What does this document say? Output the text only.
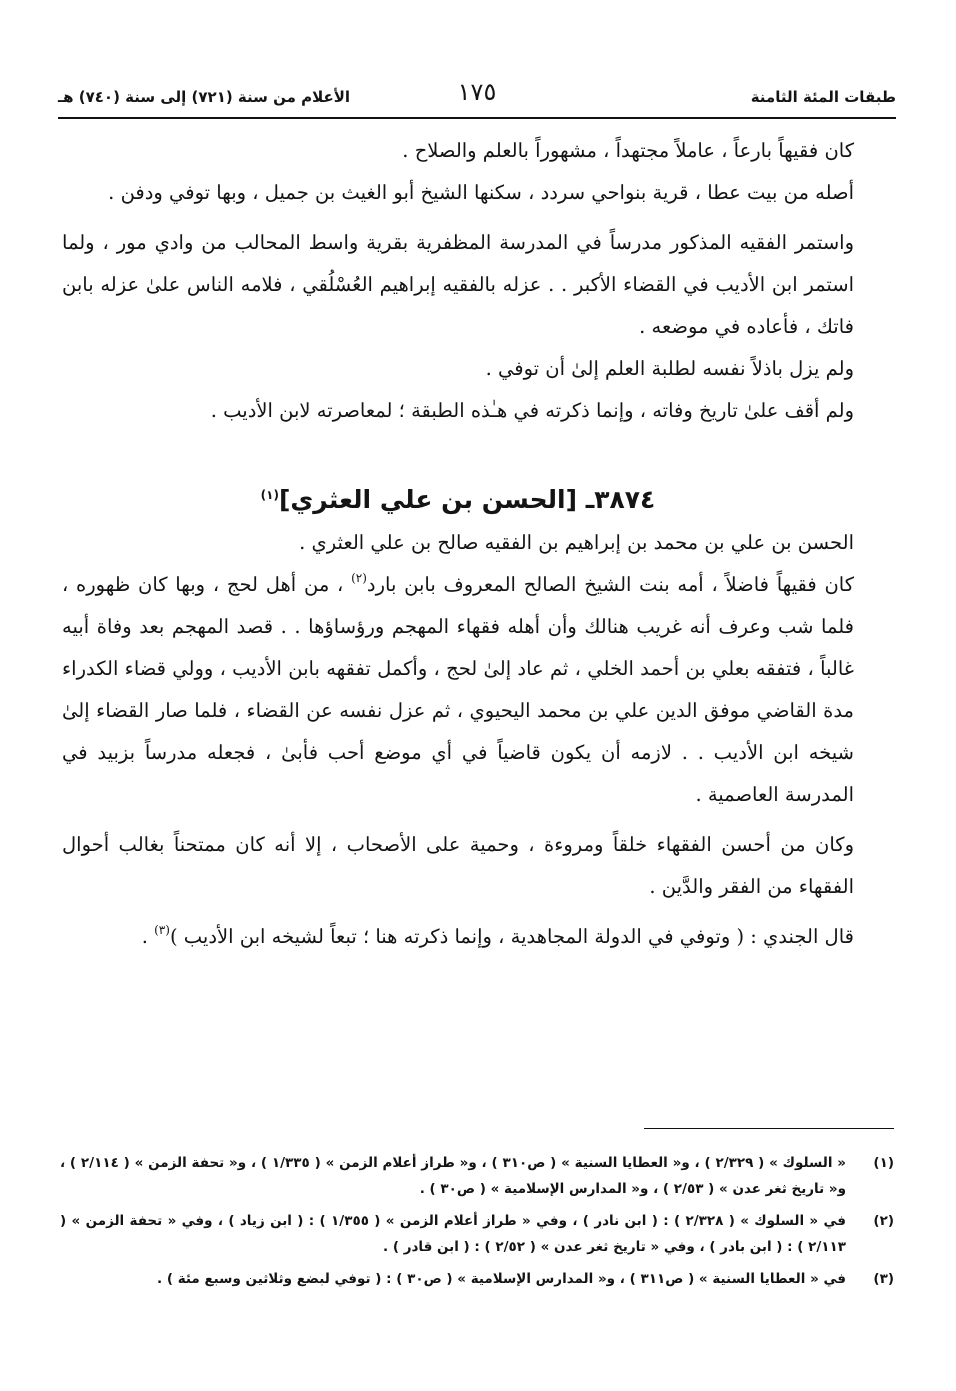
طبقات المئة الثامنة
١٧٥
الأعلام من سنة (٧٢١) إلى سنة (٧٤٠) هـ

كان فقيهاً بارعاً ، عاملاً مجتهداً ، مشهوراً بالعلم والصلاح .

أصله من بيت عطا ، قرية بنواحي سردد ، سكنها الشيخ أبو الغيث بن جميل ، وبها توفي ودفن .

واستمر الفقيه المذكور مدرساً في المدرسة المظفرية بقرية واسط المحالب من وادي مور ، ولما استمر ابن الأديب في القضاء الأكبر . . عزله بالفقيه إبراهيم العُسْلُقي ، فلامه الناس علىٰ عزله بابن فاتك ، فأعاده في موضعه .

ولم يزل باذلاً نفسه لطلبة العلم إلىٰ أن توفي .

ولم أقف علىٰ تاريخ وفاته ، وإنما ذكرته في هـٰذه الطبقة ؛ لمعاصرته لابن الأديب .

٣٨٧٤ـ [الحسن بن علي العثري]$^{(١)}$

الحسن بن علي بن محمد بن إبراهيم بن الفقيه صالح بن علي العثري .

كان فقيهاً فاضلاً ، أمه بنت الشيخ الصالح المعروف بابن بارد$^{(٢)}$ ، من أهل لحج ، وبها كان ظهوره ، فلما شب وعرف أنه غريب هنالك وأن أهله فقهاء المهجم ورؤساؤها . . قصد المهجم بعد وفاة أبيه غالباً ، فتفقه بعلي بن أحمد الخلي ، ثم عاد إلىٰ لحج ، وأكمل تفقهه بابن الأديب ، وولي قضاء الكدراء مدة القاضي موفق الدين علي بن محمد اليحيوي ، ثم عزل نفسه عن القضاء ، فلما صار القضاء إلىٰ شيخه ابن الأديب . . لازمه أن يكون قاضياً في أي موضع أحب فأبىٰ ، فجعله مدرساً بزبيد في المدرسة العاصمية .

وكان من أحسن الفقهاء خلقاً ومروءة ، وحمية على الأصحاب ، إلا أنه كان ممتحناً بغالب أحوال الفقهاء من الفقر والدَّين .

قال الجندي : ( وتوفي في الدولة المجاهدية ، وإنما ذكرته هنا ؛ تبعاً لشيخه ابن الأديب )$^{(٣)}$ .

(١)
« السلوك » ( ٢/٣٢٩ ) ، و« العطايا السنية » ( ص٣١٠ ) ، و« طراز أعلام الزمن » ( ١/٣٣٥ ) ، و« تحفة الزمن » ( ٢/١١٤ ) ، و« تاريخ ثغر عدن » ( ٢/٥٣ ) ، و« المدارس الإسلامية » ( ص٣٠ ) .
(٢)
في « السلوك » ( ٢/٣٢٨ ) : ( ابن نادر ) ، وفي « طراز أعلام الزمن » ( ١/٣٥٥ ) : ( ابن زياد ) ، وفي « تحفة الزمن » ( ٢/١١٣ ) : ( ابن بادر ) ، وفي « تاريخ ثغر عدن » ( ٢/٥٢ ) : ( ابن قادر ) .
(٣)
في « العطايا السنية » ( ص٣١١ ) ، و« المدارس الإسلامية » ( ص٣٠ ) : ( توفي لبضع وثلاثين وسبع مئة ) .
